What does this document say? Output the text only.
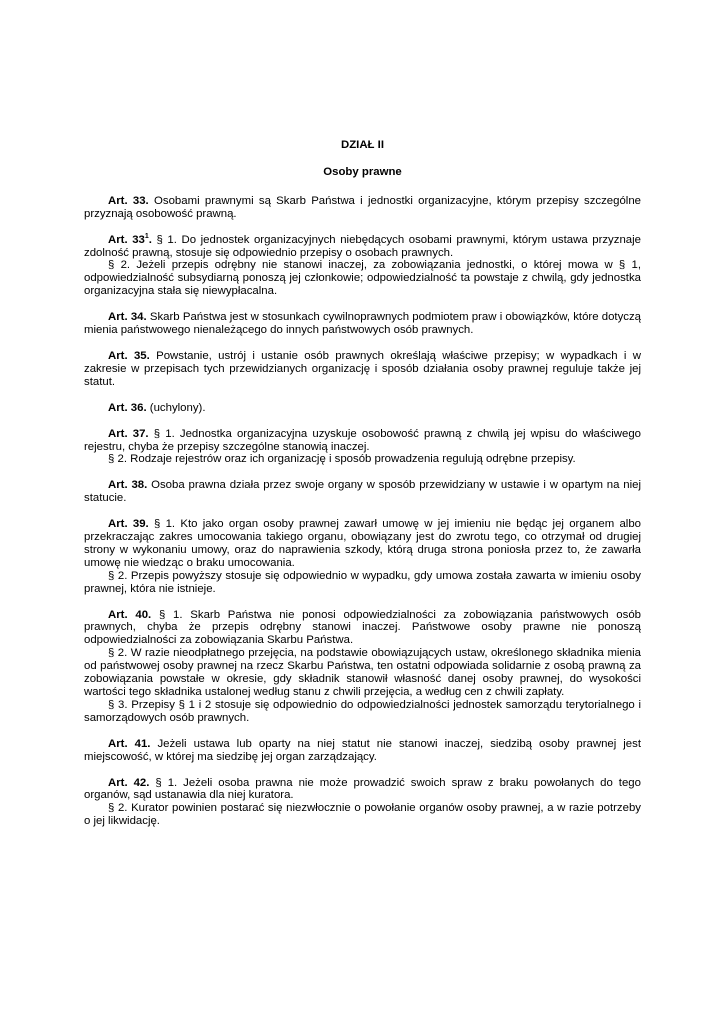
DZIAŁ II
Osoby prawne

Art. 33. Osobami prawnymi są Skarb Państwa i jednostki organizacyjne, którym przepisy szczególne przyznają osobowość prawną.

Art. $33^1$. § 1. Do jednostek organizacyjnych niebędących osobami prawnymi, którym ustawa przyznaje zdolność prawną, stosuje się odpowiednio przepisy o osobach prawnych.

§ 2. Jeżeli przepis odrębny nie stanowi inaczej, za zobowiązania jednostki, o której mowa w § 1, odpowiedzialność subsydiarną ponoszą jej członkowie; odpowiedzialność ta powstaje z chwilą, gdy jednostka organizacyjna stała się niewypłacalna.

Art. 34. Skarb Państwa jest w stosunkach cywilnoprawnych podmiotem praw i obowiązków, które dotyczą mienia państwowego nienależącego do innych państwowych osób prawnych.

Art. 35. Powstanie, ustrój i ustanie osób prawnych określają właściwe przepisy; w wypadkach i w zakresie w przepisach tych przewidzianych organizację i sposób działania osoby prawnej reguluje także jej statut.

Art. 36. (uchylony).

Art. 37. § 1. Jednostka organizacyjna uzyskuje osobowość prawną z chwilą jej wpisu do właściwego rejestru, chyba że przepisy szczególne stanowią inaczej.

§ 2. Rodzaje rejestrów oraz ich organizację i sposób prowadzenia regulują odrębne przepisy.

Art. 38. Osoba prawna działa przez swoje organy w sposób przewidziany w ustawie i w opartym na niej statucie.

Art. 39. § 1. Kto jako organ osoby prawnej zawarł umowę w jej imieniu nie będąc jej organem albo przekraczając zakres umocowania takiego organu, obowiązany jest do zwrotu tego, co otrzymał od drugiej strony w wykonaniu umowy, oraz do naprawienia szkody, którą druga strona poniosła przez to, że zawarła umowę nie wiedząc o braku umocowania.

§ 2. Przepis powyższy stosuje się odpowiednio w wypadku, gdy umowa została zawarta w imieniu osoby prawnej, która nie istnieje.

Art. 40. § 1. Skarb Państwa nie ponosi odpowiedzialności za zobowiązania państwowych osób prawnych, chyba że przepis odrębny stanowi inaczej. Państwowe osoby prawne nie ponoszą odpowiedzialności za zobowiązania Skarbu Państwa.

§ 2. W razie nieodpłatnego przejęcia, na podstawie obowiązujących ustaw, określonego składnika mienia od państwowej osoby prawnej na rzecz Skarbu Państwa, ten ostatni odpowiada solidarnie z osobą prawną za zobowiązania powstałe w okresie, gdy składnik stanowił własność danej osoby prawnej, do wysokości wartości tego składnika ustalonej według stanu z chwili przejęcia, a według cen z chwili zapłaty.

§ 3. Przepisy § 1 i 2 stosuje się odpowiednio do odpowiedzialności jednostek samorządu terytorialnego i samorządowych osób prawnych.

Art. 41. Jeżeli ustawa lub oparty na niej statut nie stanowi inaczej, siedzibą osoby prawnej jest miejscowość, w której ma siedzibę jej organ zarządzający.

Art. 42. § 1. Jeżeli osoba prawna nie może prowadzić swoich spraw z braku powołanych do tego organów, sąd ustanawia dla niej kuratora.

§ 2. Kurator powinien postarać się niezwłocznie o powołanie organów osoby prawnej, a w razie potrzeby o jej likwidację.
